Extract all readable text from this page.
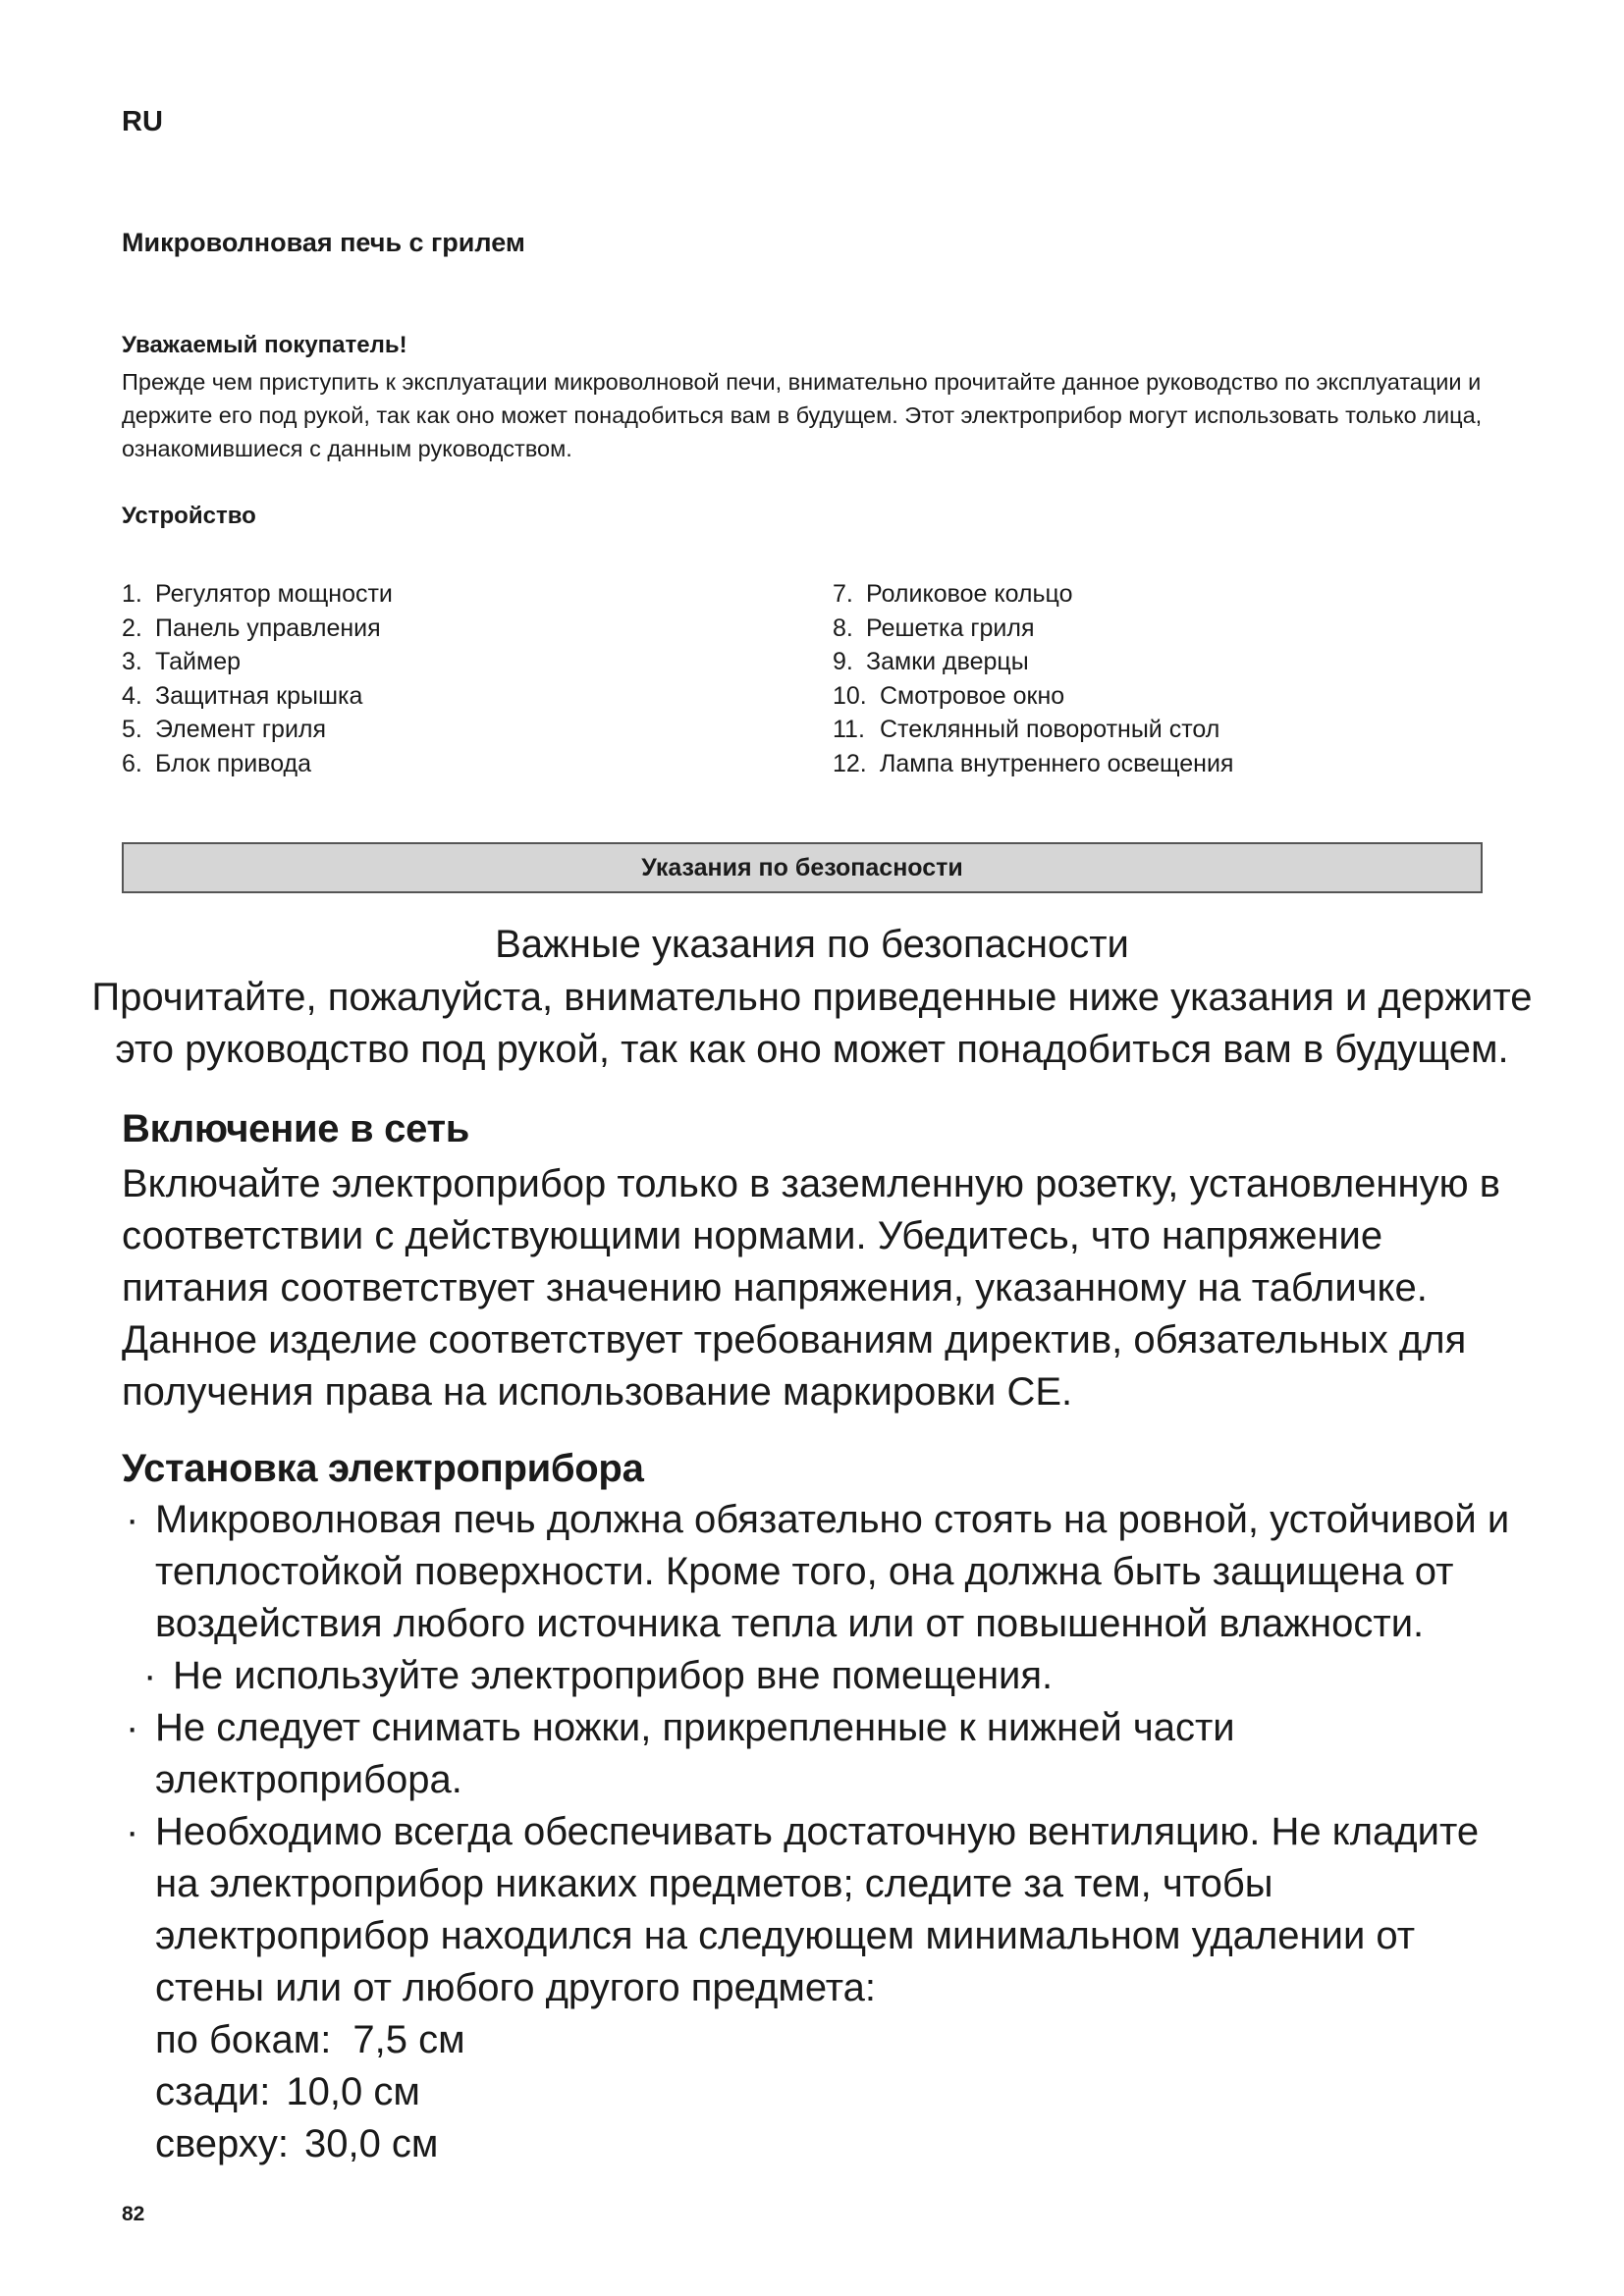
RU
Микроволновая печь с грилем
Уважаемый покупатель!
Прежде чем приступить к эксплуатации микроволновой печи, внимательно прочитайте данное руководство по эксплуатации и держите его под рукой, так как оно может понадобиться вам в будущем. Этот электроприбор могут использовать только лица, ознакомившиеся с данным руководством.
Устройство
1. Регулятор мощности
2. Панель управления
3. Таймер
4. Защитная крышка
5. Элемент гриля
6. Блок привода
7. Роликовое кольцо
8. Решетка гриля
9. Замки дверцы
10. Смотровое окно
11. Стеклянный поворотный стол
12. Лампа внутреннего освещения
Указания по безопасности
Важные указания по безопасности
Прочитайте, пожалуйста, внимательно приведенные ниже указания и держите
это руководство под рукой, так как оно может понадобиться вам в будущем.
Включение в сеть
Включайте электроприбор только в заземленную розетку, установленную в соответствии с действующими нормами. Убедитесь, что напряжение питания соответствует значению напряжения, указанному на табличке. Данное изделие соответствует требованиям директив, обязательных для получения права на использование маркировки CE.
Установка электроприбора
· Микроволновая печь должна обязательно стоять на ровной, устойчивой и теплостойкой поверхности. Кроме того, она должна быть защищена от воздействия любого источника тепла или от повышенной влажности.
· Не используйте электроприбор вне помещения.
· Не следует снимать ножки, прикрепленные к нижней части электроприбора.
· Необходимо всегда обеспечивать достаточную вентиляцию. Не кладите на электроприбор никаких предметов; следите за тем, чтобы электроприбор находился на следующем минимальном удалении от стены или от любого другого предмета:
по бокам: 7,5 см
сзади: 10,0 см
сверху: 30,0 см
82
